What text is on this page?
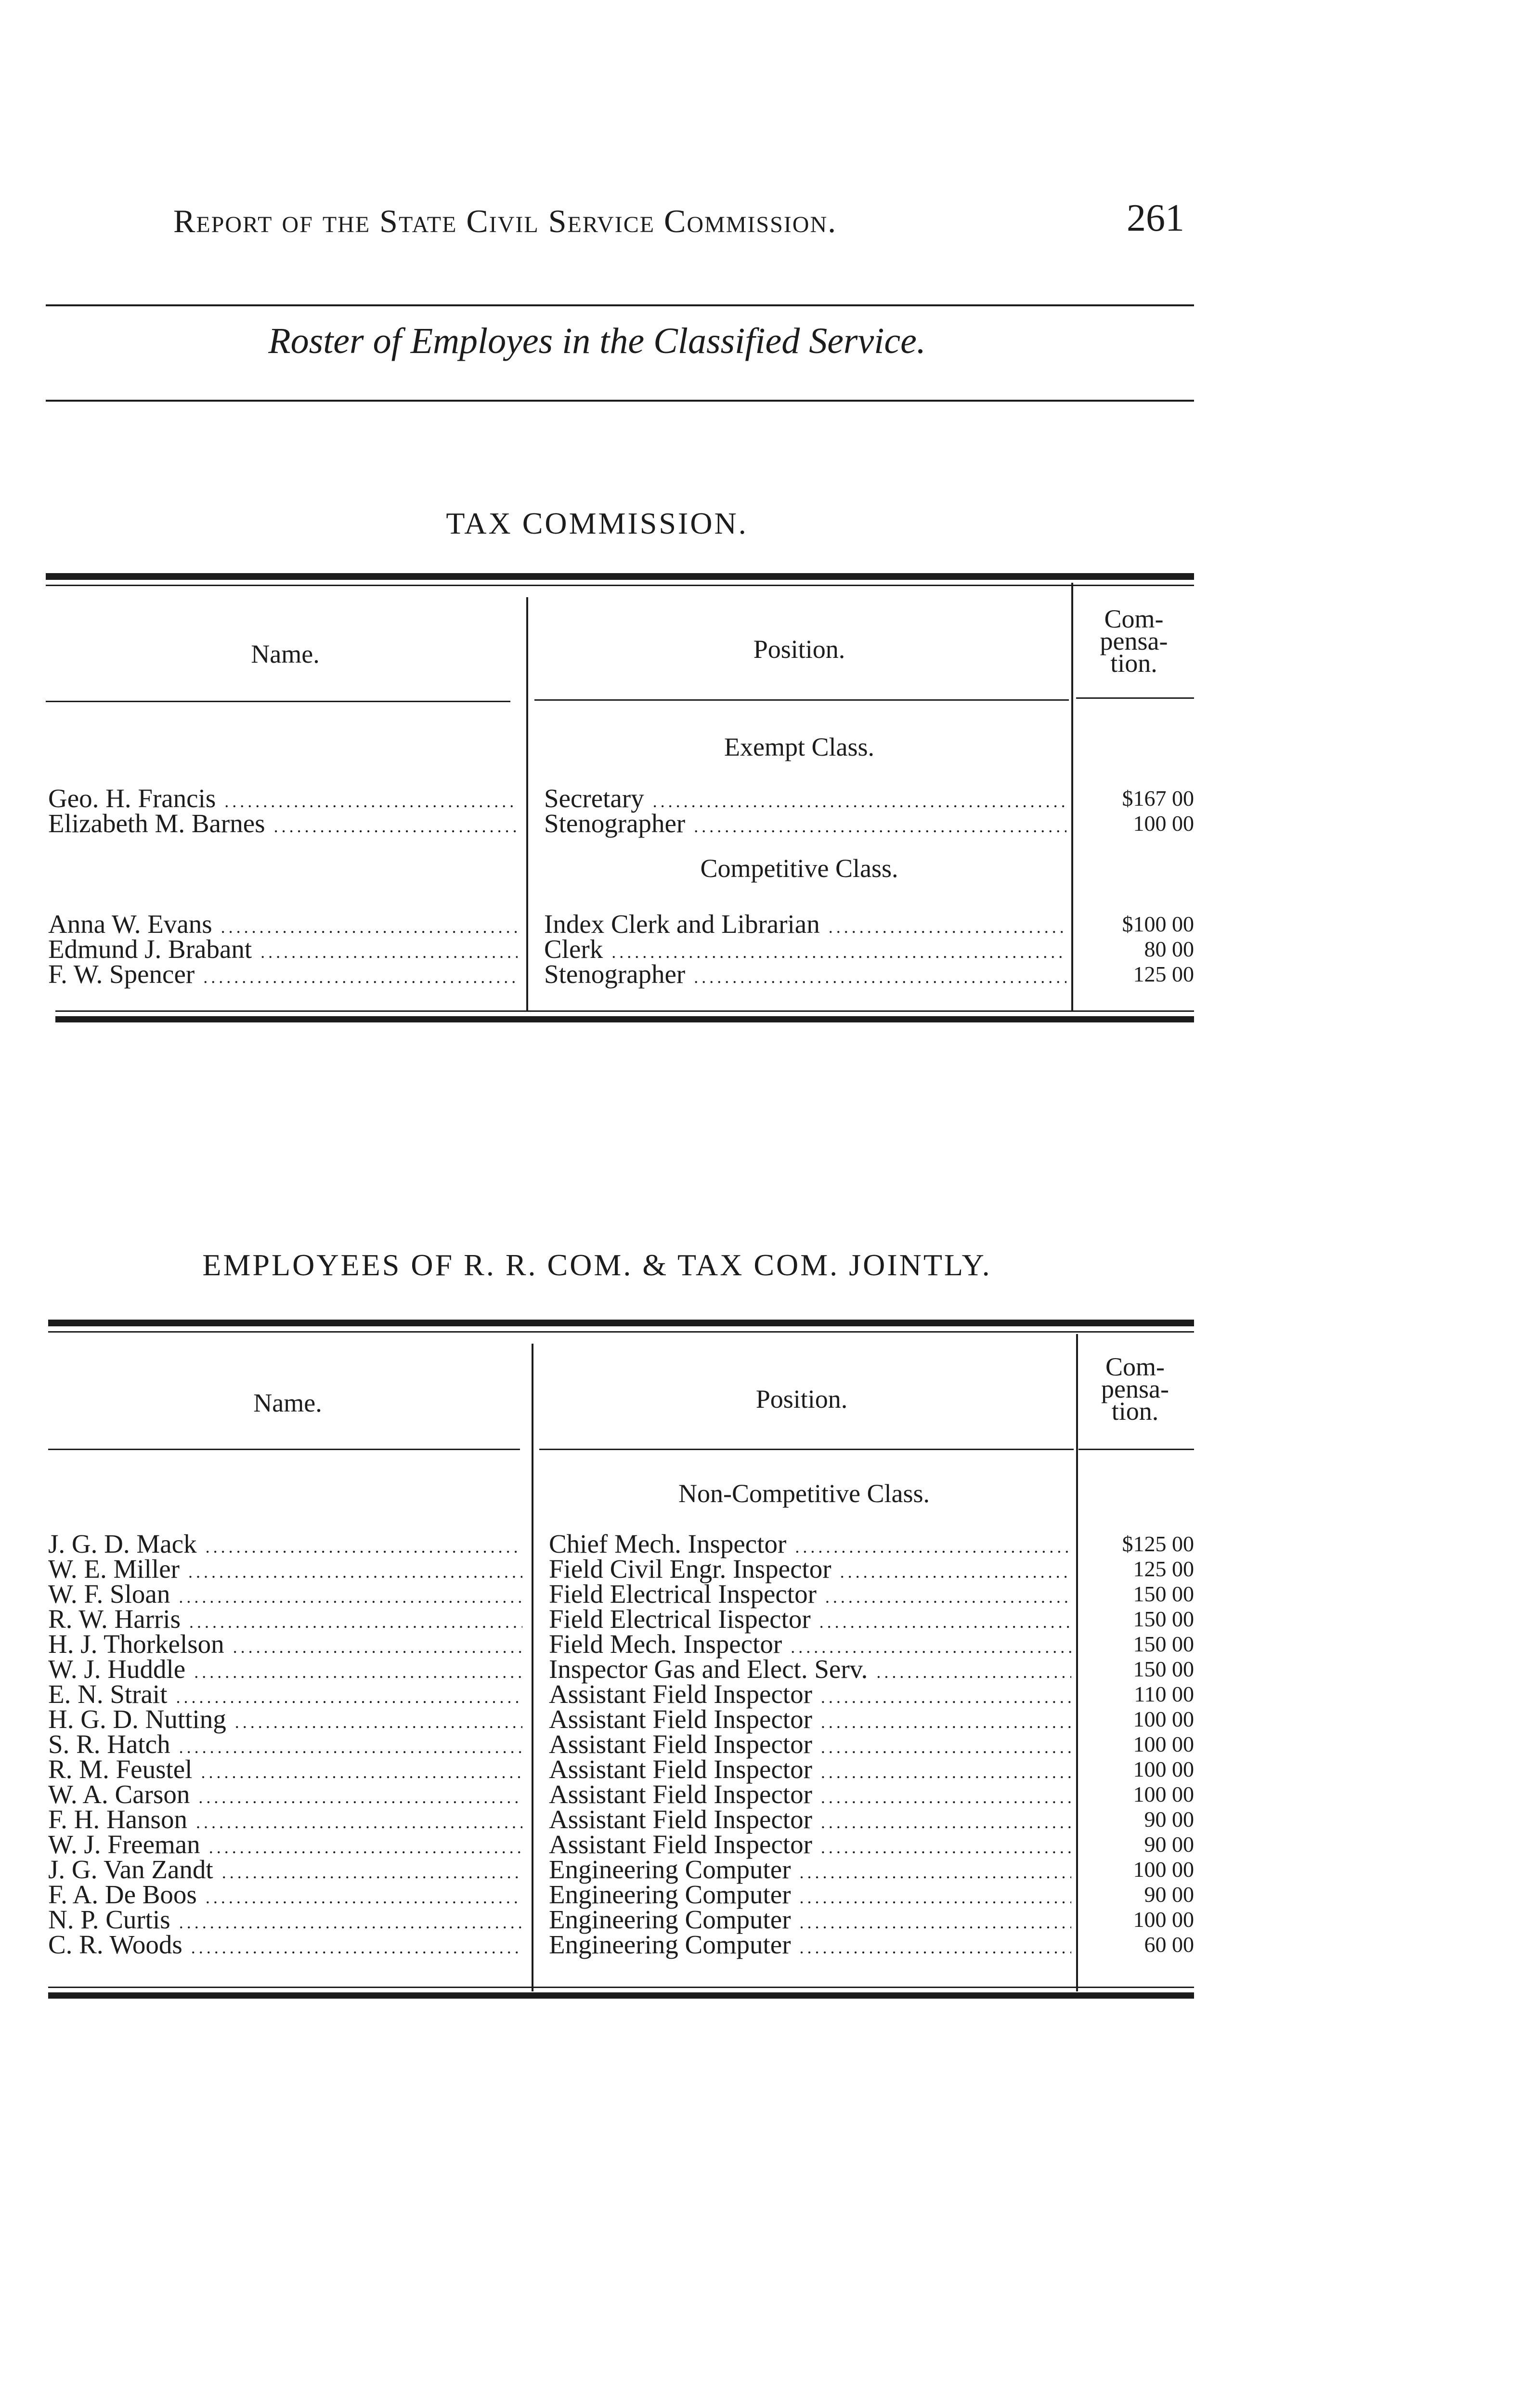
Report of the State Civil Service Commission.	261
Roster of Employes in the Classified Service.
TAX COMMISSION.
Name.	Position.
Com-
pensa-
tion.
Exempt Class.
Geo. H. Francis .....	Secretary .....	$167 00
Elizabeth M. Barnes .....	Stenographer .....	100 00
Competitive Class.
Anna W. Evans .....	Index Clerk and Librarian .....	$100 00
Edmund J. Brabant .....	Clerk .....	80 00
F. W. Spencer .....	Stenographer .....	125 00
EMPLOYEES OF R. R. COM. & TAX COM. JOINTLY.
Name.	Position.
Com-
pensa-
tion.
Non-Competitive Class.
J. G. D. Mack .....	Chief Mech. Inspector .....	$125 00
W. E. Miller .....	Field Civil Engr. Inspector .....	125 00
W. F. Sloan .....	Field Electrical Inspector .....	150 00
R. W. Harris .....	Field Electrical Iispector .....	150 00
H. J. Thorkelson .....	Field Mech. Inspector .....	150 00
W. J. Huddle .....	Inspector Gas and Elect. Serv. .....	150 00
E. N. Strait .....	Assistant Field Inspector .....	110 00
H. G. D. Nutting .....	Assistant Field Inspector .....	100 00
S. R. Hatch .....	Assistant Field Inspector .....	100 00
R. M. Feustel .....	Assistant Field Inspector .....	100 00
W. A. Carson .....	Assistant Field Inspector .....	100 00
F. H. Hanson .....	Assistant Field Inspector .....	90 00
W. J. Freeman .....	Assistant Field Inspector .....	90 00
J. G. Van Zandt .....	Engineering Computer .....	100 00
F. A. De Boos .....	Engineering Computer .....	90 00
N. P. Curtis .....	Engineering Computer .....	100 00
C. R. Woods .....	Engineering Computer .....	60 00
